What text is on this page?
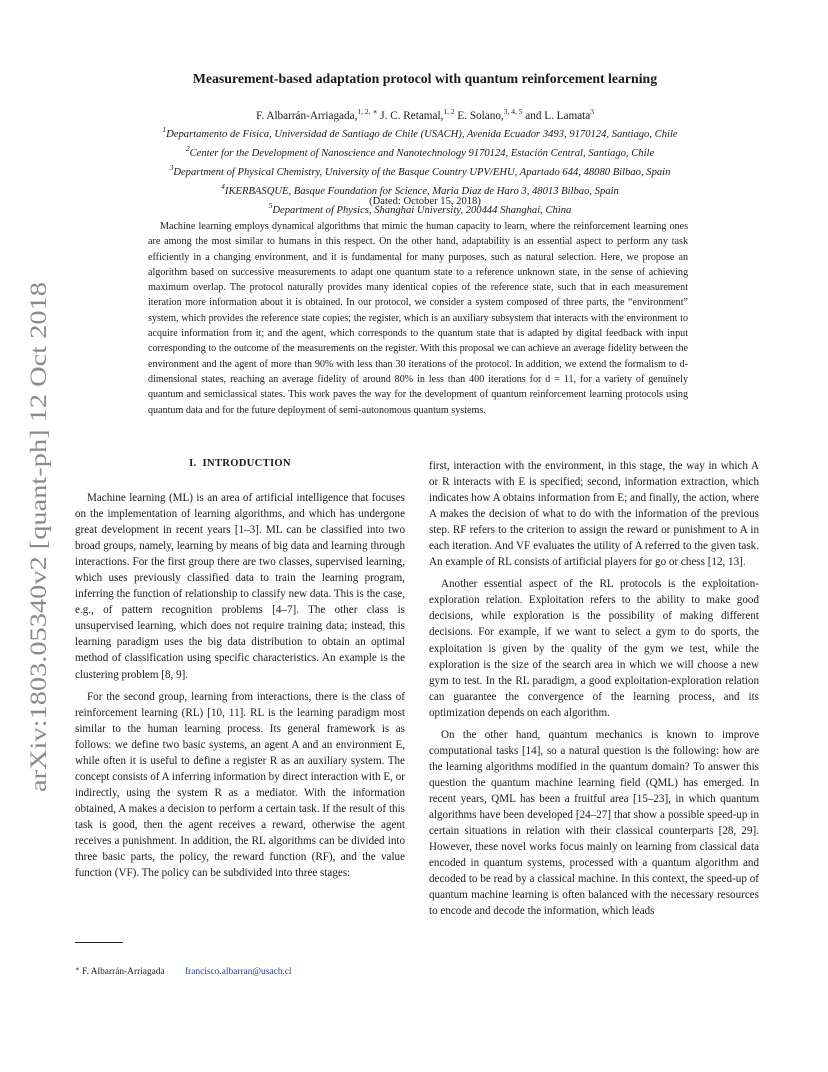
arXiv:1803.05340v2 [quant-ph] 12 Oct 2018
Measurement-based adaptation protocol with quantum reinforcement learning
F. Albarrán-Arriagada,$^{1, 2, ∗}$ J. C. Retamal,$^{1, 2}$ E. Solano,$^{3, 4, 5}$ and L. Lamata$^3$
$^1$Departamento de Física, Universidad de Santiago de Chile (USACH), Avenida Ecuador 3493, 9170124, Santiago, Chile
$^2$Center for the Development of Nanoscience and Nanotechnology 9170124, Estación Central, Santiago, Chile
$^3$Department of Physical Chemistry, University of the Basque Country UPV/EHU, Apartado 644, 48080 Bilbao, Spain
$^4$IKERBASQUE, Basque Foundation for Science, Maria Diaz de Haro 3, 48013 Bilbao, Spain
$^5$Department of Physics, Shanghai University, 200444 Shanghai, China
(Dated: October 15, 2018)
Machine learning employs dynamical algorithms that mimic the human capacity to learn, where the reinforcement learning ones are among the most similar to humans in this respect. On the other hand, adaptability is an essential aspect to perform any task efficiently in a changing environment, and it is fundamental for many purposes, such as natural selection. Here, we propose an algorithm based on successive measurements to adapt one quantum state to a reference unknown state, in the sense of achieving maximum overlap. The protocol naturally provides many identical copies of the reference state, such that in each measurement iteration more information about it is obtained. In our protocol, we consider a system composed of three parts, the “environment” system, which provides the reference state copies; the register, which is an auxiliary subsystem that interacts with the environment to acquire information from it; and the agent, which corresponds to the quantum state that is adapted by digital feedback with input corresponding to the outcome of the measurements on the register. With this proposal we can achieve an average fidelity between the environment and the agent of more than 90% with less than 30 iterations of the protocol. In addition, we extend the formalism to d-dimensional states, reaching an average fidelity of around 80% in less than 400 iterations for d = 11, for a variety of genuinely quantum and semiclassical states. This work paves the way for the development of quantum reinforcement learning protocols using quantum data and for the future deployment of semi-autonomous quantum systems.
I. INTRODUCTION

Machine learning (ML) is an area of artificial intelligence that focuses on the implementation of learning algorithms, and which has undergone great development in recent years [1–3]. ML can be classified into two broad groups, namely, learning by means of big data and learning through interactions. For the first group there are two classes, supervised learning, which uses previously classified data to train the learning program, inferring the function of relationship to classify new data. This is the case, e.g., of pattern recognition problems [4–7]. The other class is unsupervised learning, which does not require training data; instead, this learning paradigm uses the big data distribution to obtain an optimal method of classification using specific characteristics. An example is the clustering problem [8, 9].

For the second group, learning from interactions, there is the class of reinforcement learning (RL) [10, 11]. RL is the learning paradigm most similar to the human learning process. Its general framework is as follows: we define two basic systems, an agent A and an environment E, while often it is useful to define a register R as an auxiliary system. The concept consists of A inferring information by direct interaction with E, or indirectly, using the system R as a mediator. With the information obtained, A makes a decision to perform a certain task. If the result of this task is good, then the agent receives a reward, otherwise the agent receives a punishment. In addition, the RL algorithms can be divided into three basic parts, the policy, the reward function (RF), and the value function (VF). The policy can be subdivided into three stages:

first, interaction with the environment, in this stage, the way in which A or R interacts with E is specified; second, information extraction, which indicates how A obtains information from E; and finally, the action, where A makes the decision of what to do with the information of the previous step. RF refers to the criterion to assign the reward or punishment to A in each iteration. And VF evaluates the utility of A referred to the given task. An example of RL consists of artificial players for go or chess [12, 13].

Another essential aspect of the RL protocols is the exploitation-exploration relation. Exploitation refers to the ability to make good decisions, while exploration is the possibility of making different decisions. For example, if we want to select a gym to do sports, the exploitation is given by the quality of the gym we test, while the exploration is the size of the search area in which we will choose a new gym to test. In the RL paradigm, a good exploitation-exploration relation can guarantee the convergence of the learning process, and its optimization depends on each algorithm.

On the other hand, quantum mechanics is known to improve computational tasks [14], so a natural question is the following: how are the learning algorithms modified in the quantum domain? To answer this question the quantum machine learning field (QML) has emerged. In recent years, QML has been a fruitful area [15–23], in which quantum algorithms have been developed [24–27] that show a possible speed-up in certain situations in relation with their classical counterparts [28, 29]. However, these novel works focus mainly on learning from classical data encoded in quantum systems, processed with a quantum algorithm and decoded to be read by a classical machine. In this context, the speed-up of quantum machine learning is often balanced with the necessary resources to encode and decode the information, which leads

∗ F. Albarrán-Arriagada francisco.albarran@usach.cl
